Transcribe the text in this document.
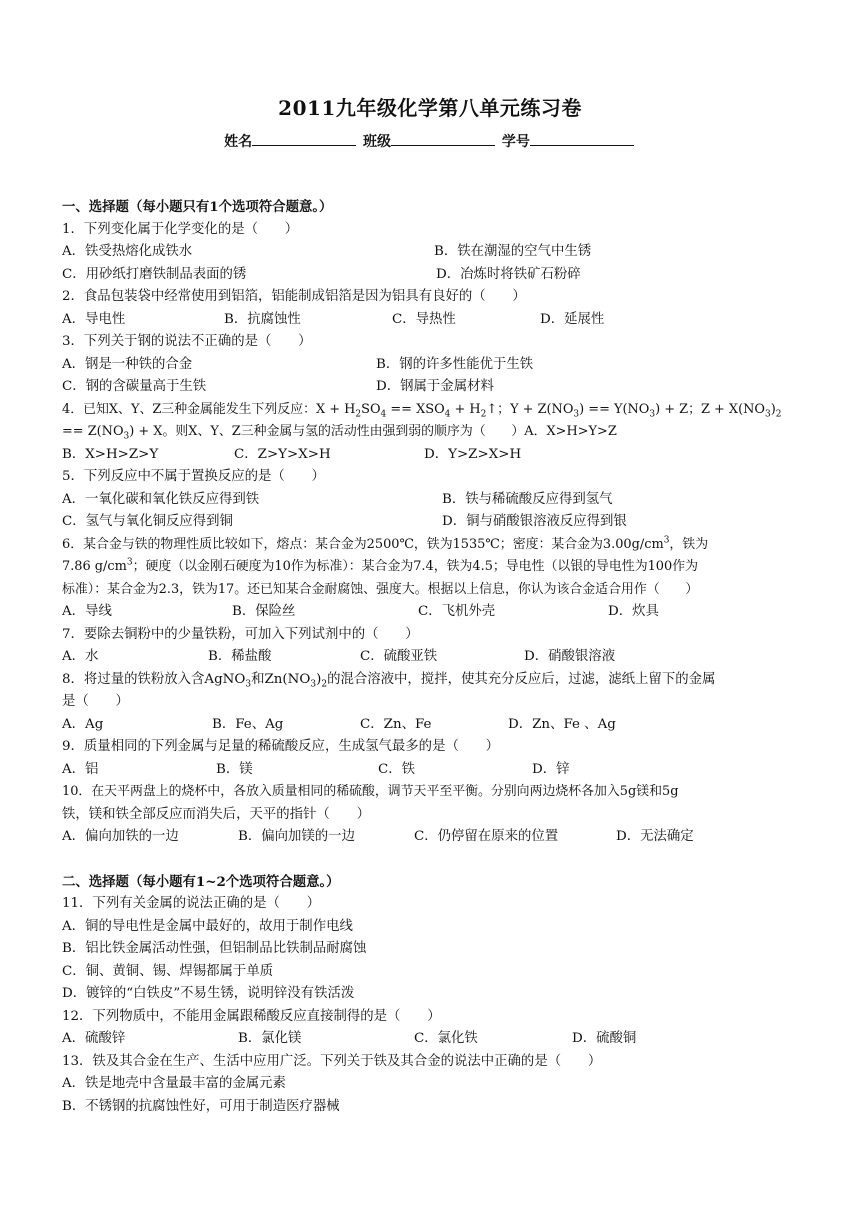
2011九年级化学第八单元练习卷
姓名	班级	学号
一、选择题（每小题只有1个选项符合题意。）
1．下列变化属于化学变化的是（　　）
A．铁受热熔化成铁水	B．铁在潮湿的空气中生锈
C．用砂纸打磨铁制品表面的锈	D．冶炼时将铁矿石粉碎
2．食品包装袋中经常使用到铝箔，铝能制成铝箔是因为铝具有良好的（　　）
A．导电性	B．抗腐蚀性	C．导热性	D．延展性
3．下列关于钢的说法不正确的是（　　）
A．钢是一种铁的合金	B．钢的许多性能优于生铁
C．钢的含碳量高于生铁	D．钢属于金属材料
4．已知X、Y、Z三种金属能发生下列反应：$X + H_2SO_4 == XSO_4$ + $H_2↑$；$Y + Z(NO_3) == Y(NO_3) + Z$；$Z + X(NO_3)_2$
== $Z(NO_3) + X$。则X、Y、Z三种金属与氢的活动性由强到弱的顺序为（　　）A．X>H>Y>Z
B．X>H>Z>Y	C．Z>Y>X>H	D．Y>Z>X>H
5．下列反应中不属于置换反应的是（　　）
A．一氧化碳和氧化铁反应得到铁	B．铁与稀硫酸反应得到氢气
C．氢气与氧化铜反应得到铜	D．铜与硝酸银溶液反应得到银
6．某合金与铁的物理性质比较如下，熔点：某合金为2500℃，铁为1535℃；密度：某合金为$3.00g/cm^3$，铁为
7.86 $g/cm^3$；硬度（以金刚石硬度为10作为标准）：某合金为7.4，铁为4.5；导电性（以银的导电性为100作为
标准）：某合金为2.3，铁为17。还已知某合金耐腐蚀、强度大。根据以上信息，你认为该合金适合用作（　　）
A．导线	B．保险丝	C．飞机外壳	D．炊具
7．要除去铜粉中的少量铁粉，可加入下列试剂中的（　　）
A．水	B．稀盐酸	C．硫酸亚铁	D．硝酸银溶液
8．将过量的铁粉放入含AgNO$_3$和$Zn(NO_3)_2$的混合溶液中，搅拌，使其充分反应后，过滤，滤纸上留下的金属
是（　　）
A．Ag	B．Fe、Ag	C．Zn、Fe	D．Zn、Fe 、Ag
9．质量相同的下列金属与足量的稀硫酸反应，生成氢气最多的是（　　）
A．铝	B．镁	C．铁	D．锌
10．在天平两盘上的烧杯中，各放入质量相同的稀硫酸，调节天平至平衡。分别向两边烧杯各加入5g镁和5g
铁，镁和铁全部反应而消失后，天平的指针（　　）
A．偏向加铁的一边	B．偏向加镁的一边	C．仍停留在原来的位置	D．无法确定
二、选择题（每小题有1~2个选项符合题意。）
11．下列有关金属的说法正确的是（　　）
A．铜的导电性是金属中最好的，故用于制作电线
B．铝比铁金属活动性强，但铝制品比铁制品耐腐蚀
C．铜、黄铜、锡、焊锡都属于单质
D．镀锌的“白铁皮”不易生锈，说明锌没有铁活泼
12．下列物质中，不能用金属跟稀酸反应直接制得的是（　　）
A．硫酸锌	B．氯化镁	C．氯化铁	D．硫酸铜
13．铁及其合金在生产、生活中应用广泛。下列关于铁及其合金的说法中正确的是（　　）
A．铁是地壳中含量最丰富的金属元素
B．不锈钢的抗腐蚀性好，可用于制造医疗器械
